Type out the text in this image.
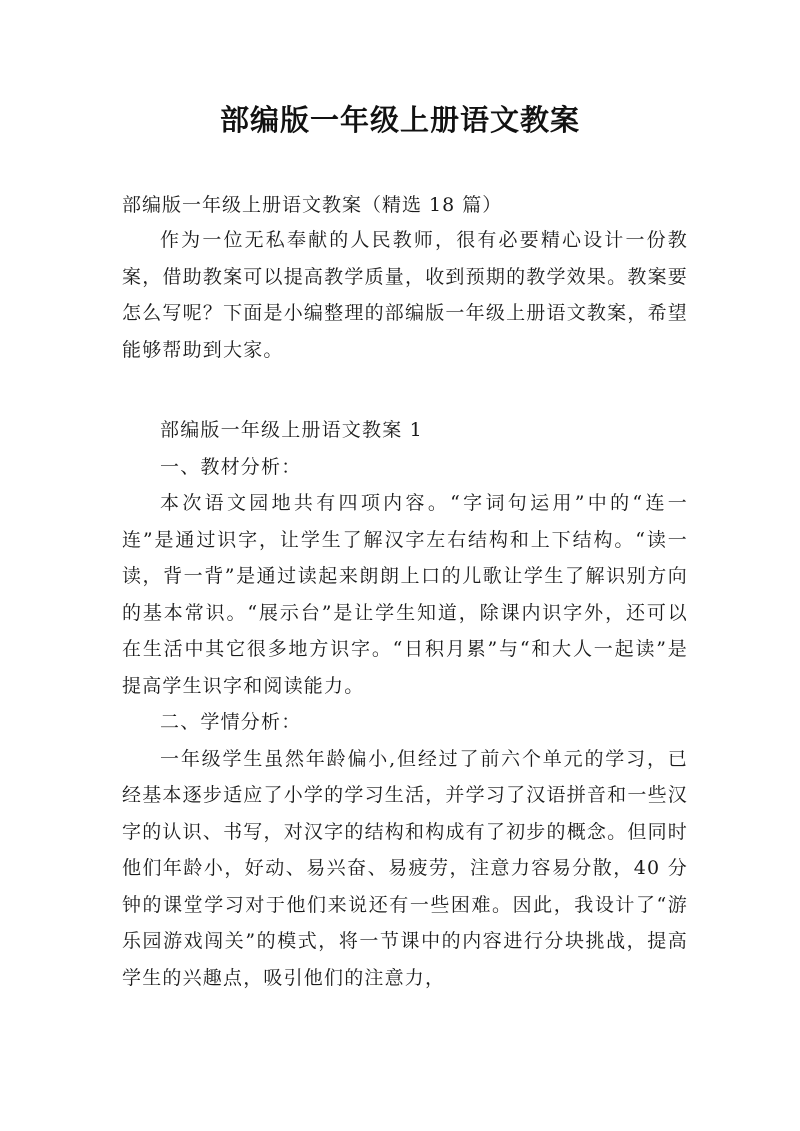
部编版一年级上册语文教案
部编版一年级上册语文教案（精选 18 篇）

作为一位无私奉献的人民教师，很有必要精心设计一份教案，借助教案可以提高教学质量，收到预期的教学效果。教案要怎么写呢？下面是小编整理的部编版一年级上册语文教案，希望能够帮助到大家。

部编版一年级上册语文教案 1

一、教材分析：

本次语文园地共有四项内容。“字词句运用”中的“连一连”是通过识字，让学生了解汉字左右结构和上下结构。“读一读，背一背”是通过读起来朗朗上口的儿歌让学生了解识别方向的基本常识。“展示台”是让学生知道，除课内识字外，还可以在生活中其它很多地方识字。“日积月累”与“和大人一起读”是提高学生识字和阅读能力。

二、学情分析：

一年级学生虽然年龄偏小,但经过了前六个单元的学习，已经基本逐步适应了小学的学习生活，并学习了汉语拼音和一些汉字的认识、书写，对汉字的结构和构成有了初步的概念。但同时他们年龄小，好动、易兴奋、易疲劳，注意力容易分散，40 分钟的课堂学习对于他们来说还有一些困难。因此，我设计了“游乐园游戏闯关”的模式，将一节课中的内容进行分块挑战，提高学生的兴趣点，吸引他们的注意力，
